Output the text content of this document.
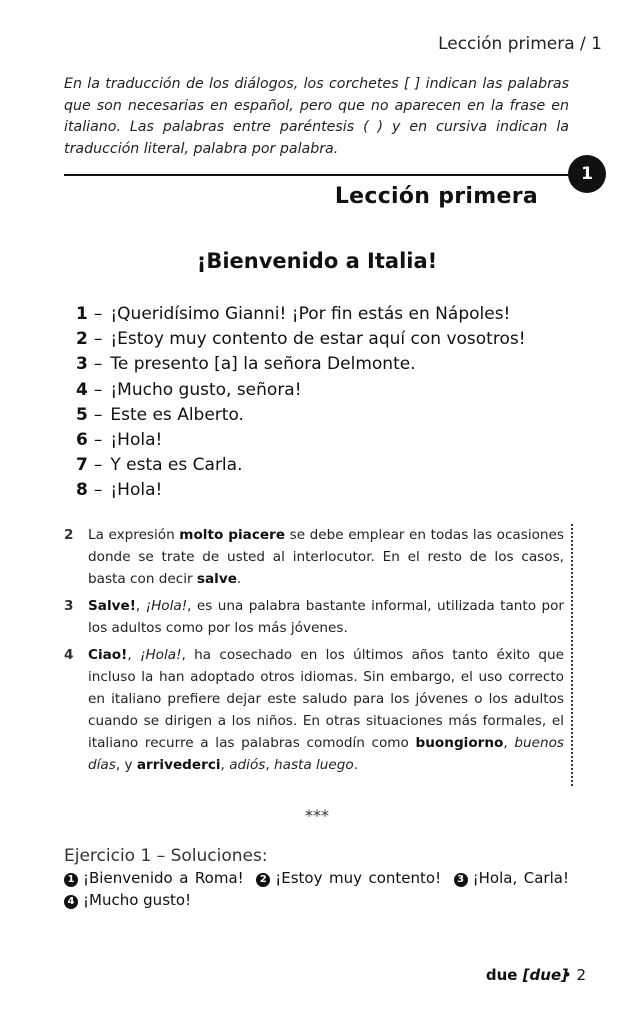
Lección primera / 1

En la traducción de los diálogos, los corchetes [ ] indican las palabras que son necesarias en español, pero que no aparecen en la frase en italiano. Las palabras entre paréntesis ( ) y en cursiva indican la traducción literal, palabra por palabra.

1
Lección primera
¡Bienvenido a Italia!
1 – ¡Queridísimo Gianni! ¡Por fin estás en Nápoles!
2 – ¡Estoy muy contento de estar aquí con vosotros!
3 – Te presento [a] la señora Delmonte.
4 – ¡Mucho gusto, señora!
5 – Este es Alberto.
6 – ¡Hola!
7 – Y esta es Carla.
8 – ¡Hola!
2 La expresión molto piacere se debe emplear en todas las ocasiones donde se trate de usted al interlocutor. En el resto de los casos, basta con decir salve.
3 Salve!, ¡Hola!, es una palabra bastante informal, utilizada tanto por los adultos como por los más jóvenes.
4 Ciao!, ¡Hola!, ha cosechado en los últimos años tanto éxito que incluso la han adoptado otros idiomas. Sin embargo, el uso correcto en italiano prefiere dejar este saludo para los jóvenes o los adultos cuando se dirigen a los niños. En otras situaciones más formales, el italiano recurre a las palabras comodín como buongiorno, buenos días, y arrivederci, adiós, hasta luego.
***
Ejercicio 1 – Soluciones:
1 ¡Bienvenido a Roma! 2 ¡Estoy muy contento! 3 ¡Hola, Carla! 4 ¡Mucho gusto!
due [due]
• 2
